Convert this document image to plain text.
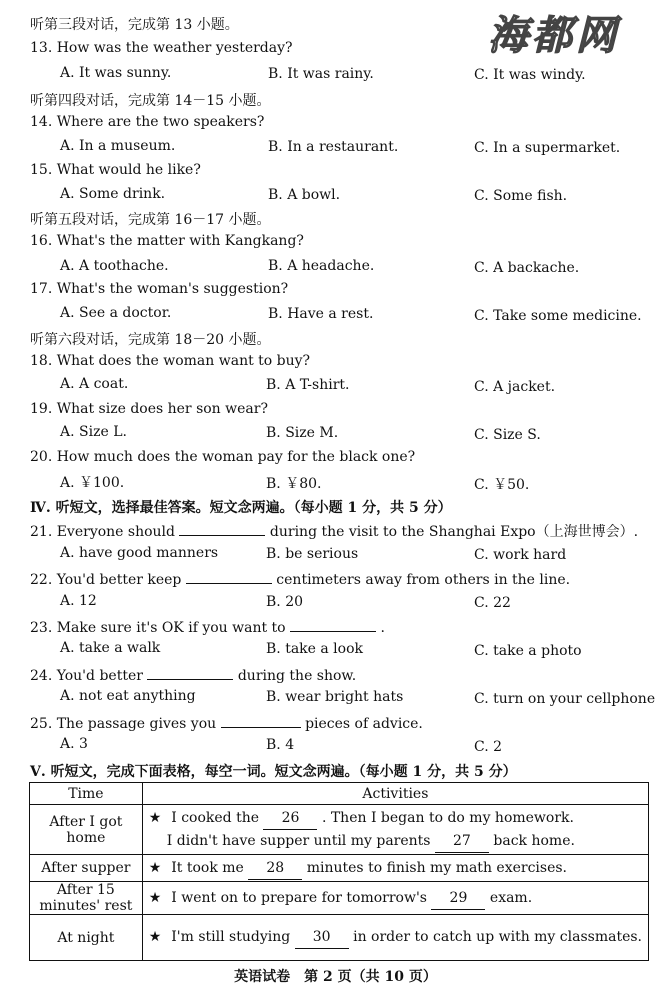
海都网
听第三段对话，完成第 13 小题。
13. How was the weather yesterday?
A. It was sunny.	B. It was rainy.	C. It was windy.
听第四段对话，完成第 14－15 小题。
14. Where are the two speakers?
A. In a museum.	B. In a restaurant.	C. In a supermarket.
15. What would he like?
A. Some drink.	B. A bowl.	C. Some fish.
听第五段对话，完成第 16－17 小题。
16. What's the matter with Kangkang?
A. A toothache.	B. A headache.	C. A backache.
17. What's the woman's suggestion?
A. See a doctor.	B. Have a rest.	C. Take some medicine.
听第六段对话，完成第 18－20 小题。
18. What does the woman want to buy?
A. A coat.	B. A T-shirt.	C. A jacket.
19. What size does her son wear?
A. Size L.	B. Size M.	C. Size S.
20. How much does the woman pay for the black one?
A. ￥100.	B. ￥80.	C. ￥50.
Ⅳ. 听短文，选择最佳答案。短文念两遍。（每小题 1 分，共 5 分）
21. Everyone should	during the visit to the Shanghai Expo（上海世博会）.
A. have good manners	B. be serious	C. work hard
22. You'd better keep	centimeters away from others in the line.
A. 12	B. 20	C. 22
23. Make sure it's OK if you want to	.
A. take a walk	B. take a look	C. take a photo
24. You'd better	during the show.
A. not eat anything	B. wear bright hats	C. turn on your cellphone
25. The passage gives you	pieces of advice.
A. 3	B. 4	C. 2
Ⅴ. 听短文，完成下面表格，每空一词。短文念两遍。（每小题 1 分，共 5 分）
Time	Activities
After I got home	★ I cooked the 26 . Then I began to do my homework.
I didn't have supper until my parents 27 back home.

After supper	★ It took me 28 minutes to finish my math exercises.

After 15 minutes' rest	★ I went on to prepare for tomorrow's 29 exam.

At night	★ I'm still studying 30 in order to catch up with my classmates.
英语试卷　第 2 页（共 10 页）
